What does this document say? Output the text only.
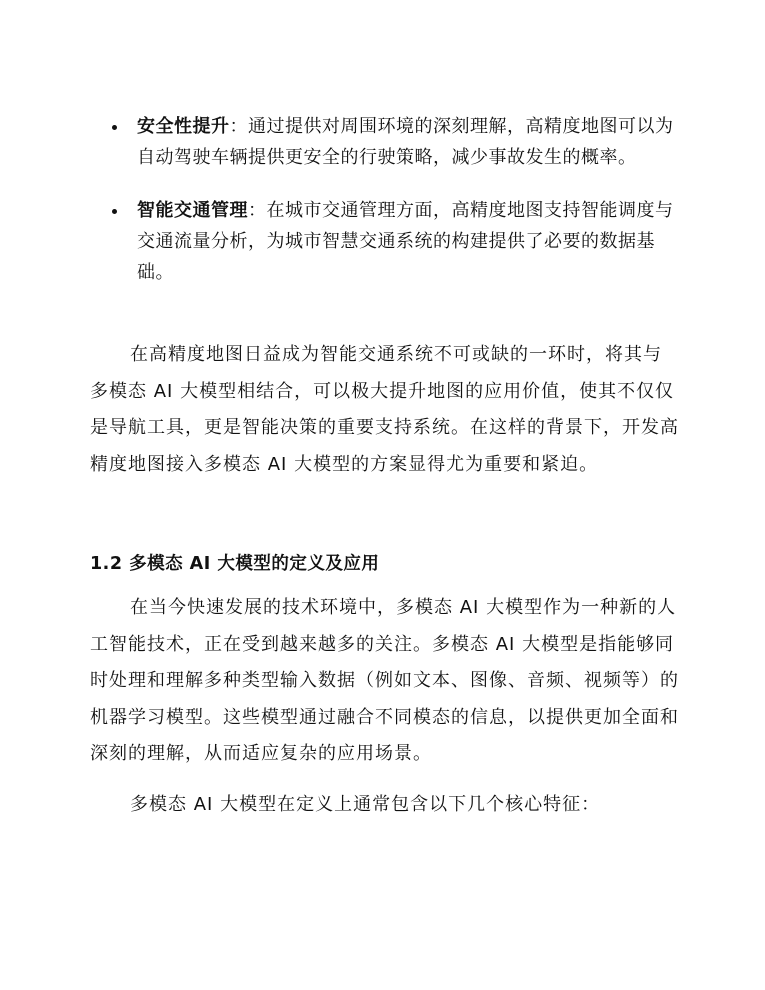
安全性提升：通过提供对周围环境的深刻理解，高精度地图可以为自动驾驶车辆提供更安全的行驶策略，减少事故发生的概率。
智能交通管理：在城市交通管理方面，高精度地图支持智能调度与交通流量分析，为城市智慧交通系统的构建提供了必要的数据基础。

在高精度地图日益成为智能交通系统不可或缺的一环时，将其与多模态 AI 大模型相结合，可以极大提升地图的应用价值，使其不仅仅是导航工具，更是智能决策的重要支持系统。在这样的背景下，开发高精度地图接入多模态 AI 大模型的方案显得尤为重要和紧迫。

1.2 多模态 AI 大模型的定义及应用

在当今快速发展的技术环境中，多模态 AI 大模型作为一种新的人工智能技术，正在受到越来越多的关注。多模态 AI 大模型是指能够同时处理和理解多种类型输入数据（例如文本、图像、音频、视频等）的机器学习模型。这些模型通过融合不同模态的信息，以提供更加全面和深刻的理解，从而适应复杂的应用场景。

多模态 AI 大模型在定义上通常包含以下几个核心特征：
